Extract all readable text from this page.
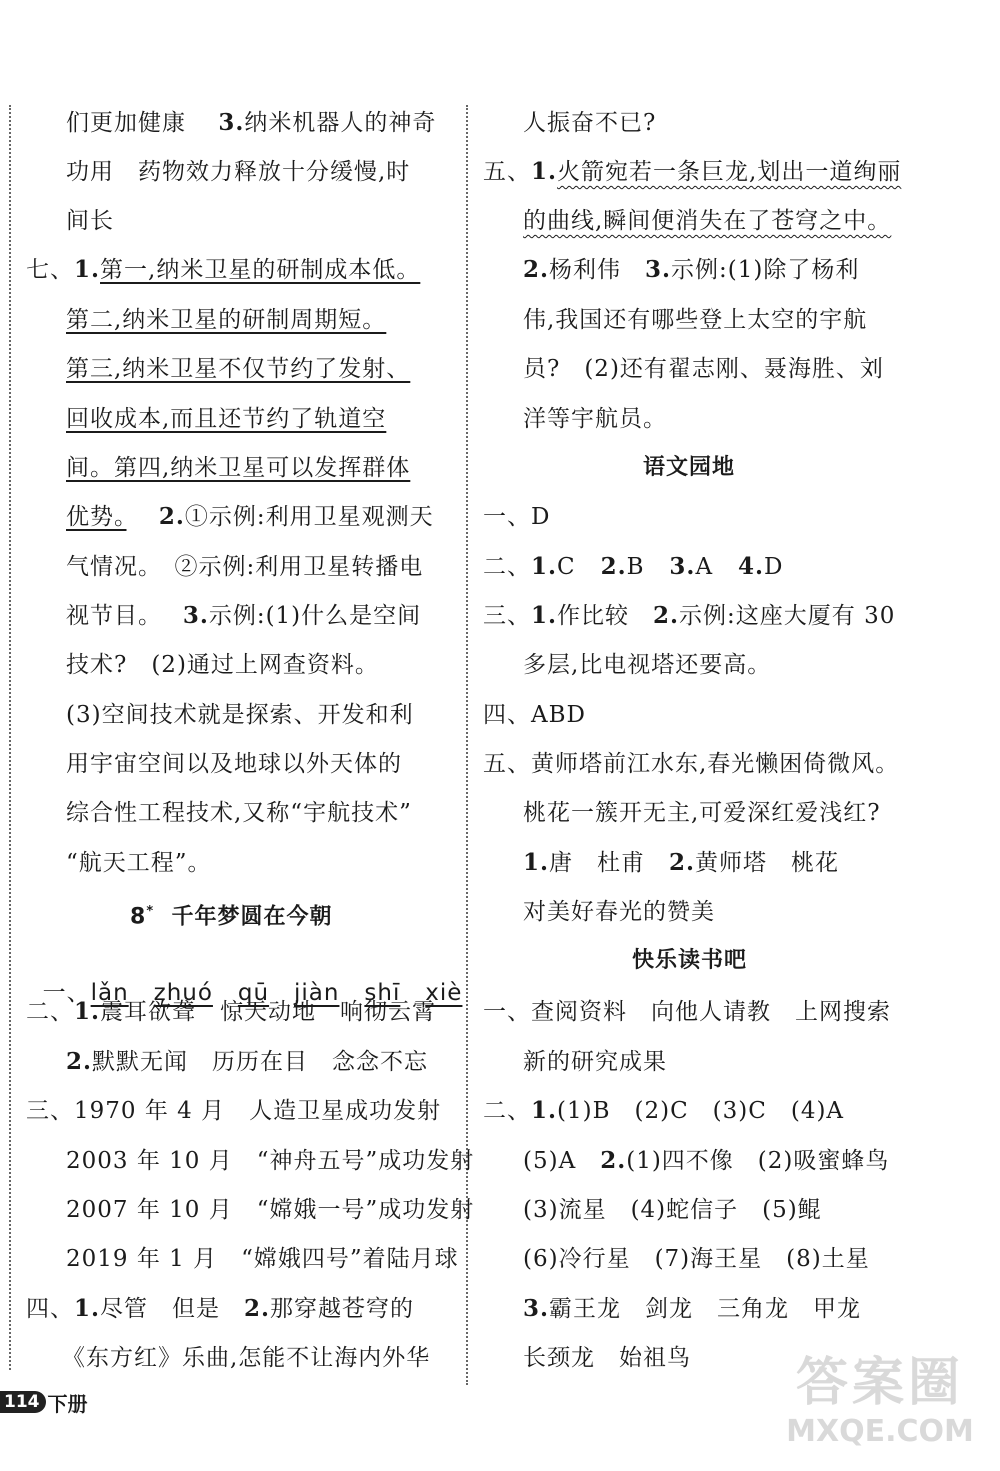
们更加健康　 3.纳米机器人的神奇
功用　药物效力释放十分缓慢,时
间长
七、1.第一,纳米卫星的研制成本低。
第二,纳米卫星的研制周期短。
第三,纳米卫星不仅节约了发射、
回收成本,而且还节约了轨道空
间。第四,纳米卫星可以发挥群体
优势。　 2.①示例:利用卫星观测天
气情况。　②示例:利用卫星转播电
视节目。　 3.示例:(1)什么是空间
技术?　(2)通过上网查资料。
(3)空间技术就是探索、开发和利
用宇宙空间以及地球以外天体的
综合性工程技术,又称“宇航技术”
“航天工程”。
8* 千年梦圆在今朝

一、lǎn zhuó qū jiàn shī xiè

二、1.震耳欲聋　惊天动地　响彻云霄
2.默默无闻　历历在目　念念不忘
三、1970 年 4 月　人造卫星成功发射
2003 年 10 月　“神舟五号”成功发射
2007 年 10 月　“嫦娥一号”成功发射
2019 年 1 月　“嫦娥四号”着陆月球
四、1.尽管　但是　2.那穿越苍穹的
《东方红》乐曲,怎能不让海内外华
人振奋不已?
五、1.火箭宛若一条巨龙,划出一道绚丽
的曲线,瞬间便消失在了苍穹之中。
2.杨利伟　3.示例:(1)除了杨利
伟,我国还有哪些登上太空的宇航
员?　(2)还有翟志刚、聂海胜、刘
洋等宇航员。
语文园地
一、D
二、1.C 2.B 3.A 4.D
三、1.作比较　2.示例:这座大厦有 30
多层,比电视塔还要高。
四、ABD
五、黄师塔前江水东,春光懒困倚微风。
桃花一簇开无主,可爱深红爱浅红?
1.唐　杜甫　2.黄师塔　桃花
对美好春光的赞美
快乐读书吧
一、查阅资料　向他人请教　上网搜索
新的研究成果
二、1.(1)B　(2)C　(3)C　(4)A
(5)A　2.(1)四不像　(2)吸蜜蜂鸟
(3)流星　(4)蛇信子　(5)鲲
(6)冷行星　(7)海王星　(8)土星
3.霸王龙　剑龙　三角龙　甲龙
长颈龙　始祖鸟
114 下册	答案圈
MXQE.COM
